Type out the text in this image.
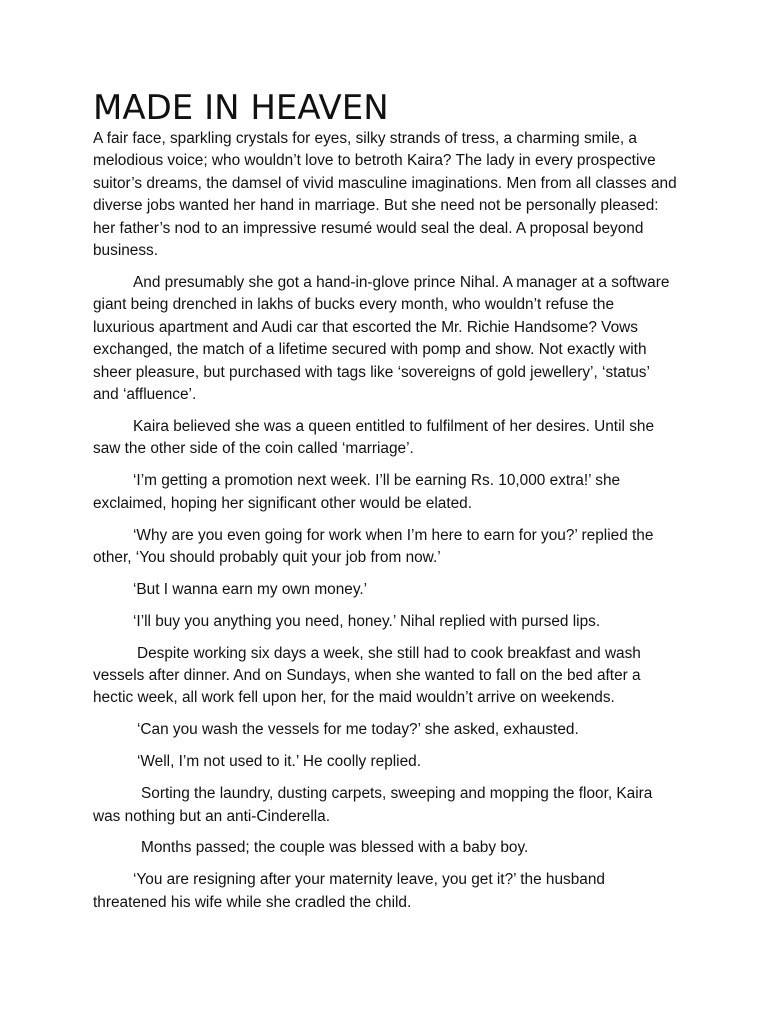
MADE IN HEAVEN

A fair face, sparkling crystals for eyes, silky strands of tress, a charming smile, a melodious voice; who wouldn’t love to betroth Kaira? The lady in every prospective suitor’s dreams, the damsel of vivid masculine imaginations. Men from all classes and diverse jobs wanted her hand in marriage. But she need not be personally pleased: her father’s nod to an impressive resumé would seal the deal. A proposal beyond business.

And presumably she got a hand-in-glove prince Nihal. A manager at a software giant being drenched in lakhs of bucks every month, who wouldn’t refuse the luxurious apartment and Audi car that escorted the Mr. Richie Handsome? Vows exchanged, the match of a lifetime secured with pomp and show. Not exactly with sheer pleasure, but purchased with tags like ‘sovereigns of gold jewellery’, ‘status’ and ‘affluence’.

Kaira believed she was a queen entitled to fulfilment of her desires. Until she saw the other side of the coin called ‘marriage’.

‘I’m getting a promotion next week. I’ll be earning Rs. 10,000 extra!’ she exclaimed, hoping her significant other would be elated.

‘Why are you even going for work when I’m here to earn for you?’ replied the other, ‘You should probably quit your job from now.’

‘But I wanna earn my own money.’

‘I’ll buy you anything you need, honey.’ Nihal replied with pursed lips.

Despite working six days a week, she still had to cook breakfast and wash vessels after dinner. And on Sundays, when she wanted to fall on the bed after a hectic week, all work fell upon her, for the maid wouldn’t arrive on weekends.

‘Can you wash the vessels for me today?’ she asked, exhausted.

‘Well, I’m not used to it.’ He coolly replied.

Sorting the laundry, dusting carpets, sweeping and mopping the floor, Kaira was nothing but an anti-Cinderella.

Months passed; the couple was blessed with a baby boy.

‘You are resigning after your maternity leave, you get it?’ the husband threatened his wife while she cradled the child.
